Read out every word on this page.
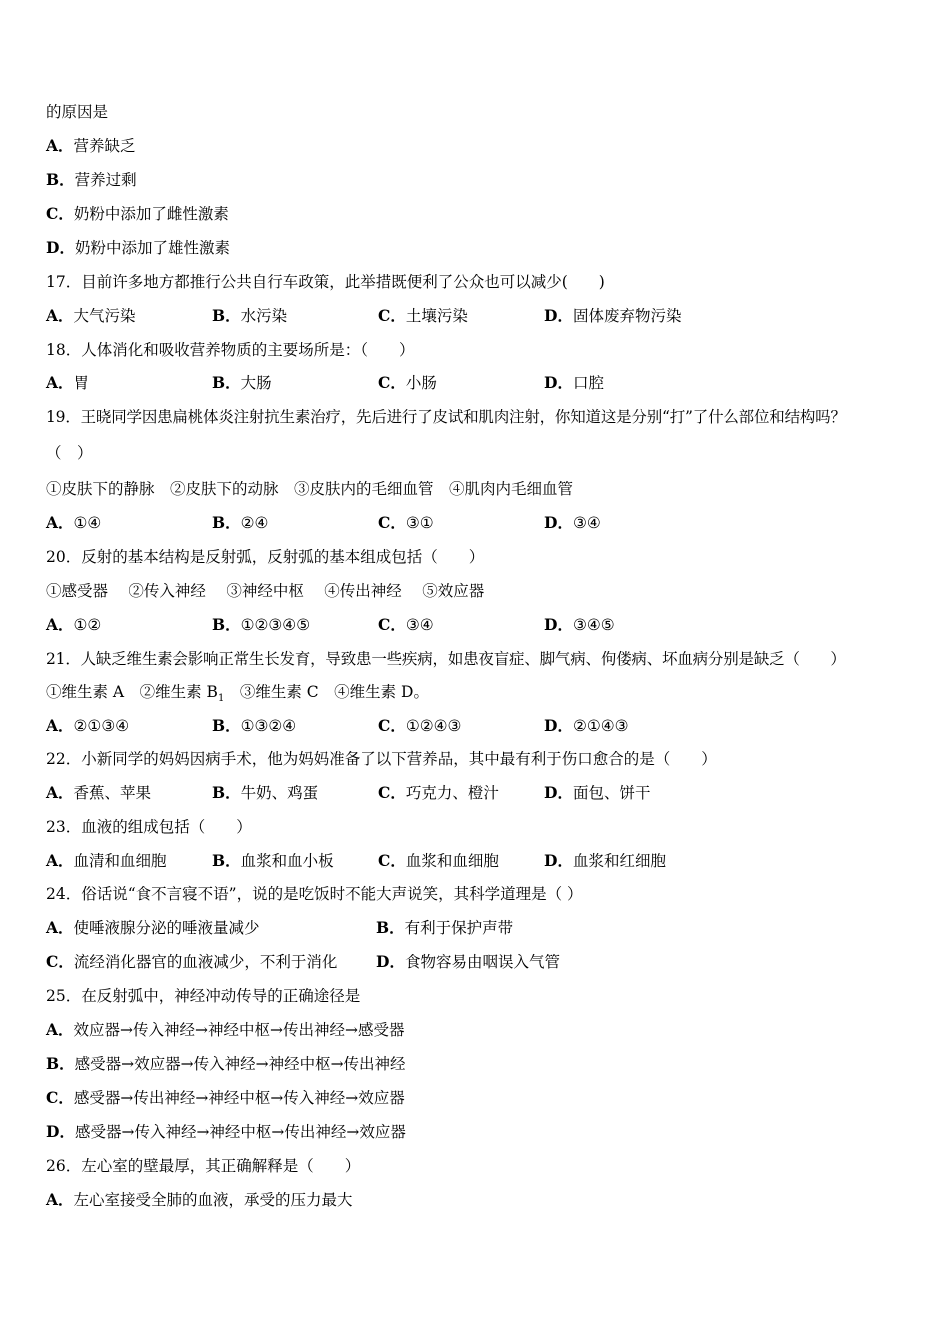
的原因是
A．营养缺乏
B．营养过剩
C．奶粉中添加了雌性激素
D．奶粉中添加了雄性激素
17．目前许多地方都推行公共自行车政策，此举措既便利了公众也可以减少(　　)
A．大气污染	B．水污染	C．土壤污染	D．固体废弃物污染
18．人体消化和吸收营养物质的主要场所是：（　　）
A．胃	B．大肠	C．小肠	D．口腔
19．王晓同学因患扁桃体炎注射抗生素治疗，先后进行了皮试和肌肉注射，你知道这是分别“打”了什么部位和结构吗？
（　）
①皮肤下的静脉　②皮肤下的动脉　③皮肤内的毛细血管　④肌肉内毛细血管
A．①④	B．②④	C．③①	D．③④
20．反射的基本结构是反射弧，反射弧的基本组成包括（　　）
①感受器　 ②传入神经　 ③神经中枢　 ④传出神经　 ⑤效应器
A．①②	B．①②③④⑤	C．③④	D．③④⑤
21．人缺乏维生素会影响正常生长发育，导致患一些疾病，如患夜盲症、脚气病、佝偻病、坏血病分别是缺乏（　　）
①维生素 A　②维生素 $B_1$　③维生素 C　④维生素 D。
A．②①③④	B．①③②④	C．①②④③	D．②①④③
22．小新同学的妈妈因病手术，他为妈妈准备了以下营养品，其中最有利于伤口愈合的是（　　）
A．香蕉、苹果	B．牛奶、鸡蛋	C．巧克力、橙汁	D．面包、饼干
23．血液的组成包括（　　）
A．血清和血细胞	B．血浆和血小板	C．血浆和血细胞	D．血浆和红细胞
24．俗话说“食不言寝不语”，说的是吃饭时不能大声说笑，其科学道理是（ ）
A．使唾液腺分泌的唾液量减少	B．有利于保护声带
C．流经消化器官的血液减少，不利于消化	D．食物容易由咽误入气管
25．在反射弧中，神经冲动传导的正确途径是
A．效应器→传入神经→神经中枢→传出神经→感受器
B．感受器→效应器→传入神经→神经中枢→传出神经
C．感受器→传出神经→神经中枢→传入神经→效应器
D．感受器→传入神经→神经中枢→传出神经→效应器
26．左心室的壁最厚，其正确解释是（　　）
A．左心室接受全肺的血液，承受的压力最大
